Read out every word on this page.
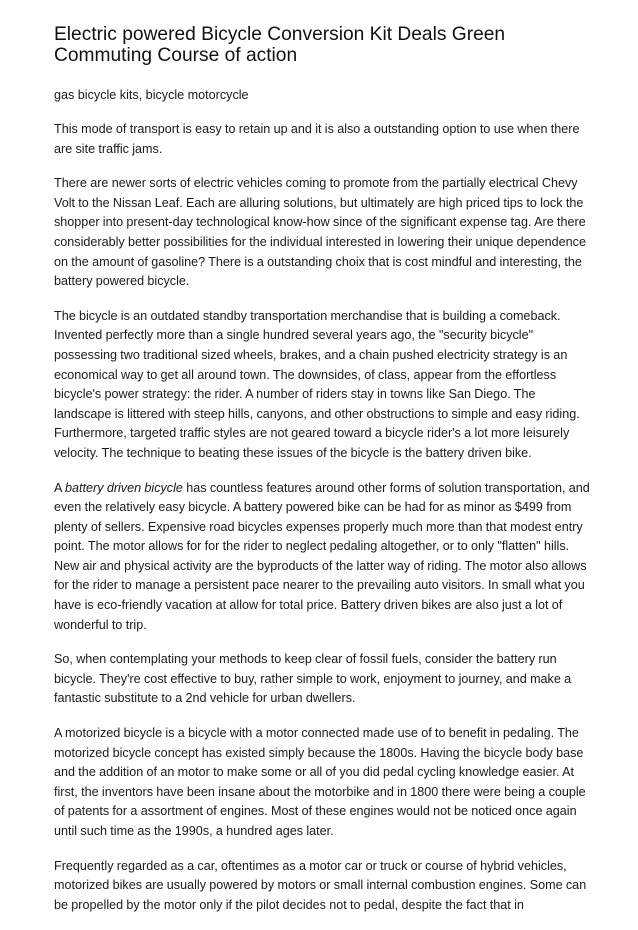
Electric powered Bicycle Conversion Kit Deals Green Commuting Course of action

gas bicycle kits, bicycle motorcycle

This mode of transport is easy to retain up and it is also a outstanding option to use when there are site traffic jams.

There are newer sorts of electric vehicles coming to promote from the partially electrical Chevy Volt to the Nissan Leaf. Each are alluring solutions, but ultimately are high priced tips to lock the shopper into present-day technological know-how since of the significant expense tag. Are there considerably better possibilities for the individual interested in lowering their unique dependence on the amount of gasoline? There is a outstanding choix that is cost mindful and interesting, the battery powered bicycle.

The bicycle is an outdated standby transportation merchandise that is building a comeback. Invented perfectly more than a single hundred several years ago, the "security bicycle" possessing two traditional sized wheels, brakes, and a chain pushed electricity strategy is an economical way to get all around town. The downsides, of class, appear from the effortless bicycle's power strategy: the rider. A number of riders stay in towns like San Diego. The landscape is littered with steep hills, canyons, and other obstructions to simple and easy riding. Furthermore, targeted traffic styles are not geared toward a bicycle rider's a lot more leisurely velocity. The technique to beating these issues of the bicycle is the battery driven bike.

A battery driven bicycle has countless features around other forms of solution transportation, and even the relatively easy bicycle. A battery powered bike can be had for as minor as $499 from plenty of sellers. Expensive road bicycles expenses properly much more than that modest entry point. The motor allows for for the rider to neglect pedaling altogether, or to only "flatten" hills. New air and physical activity are the byproducts of the latter way of riding. The motor also allows for the rider to manage a persistent pace nearer to the prevailing auto visitors. In small what you have is eco-friendly vacation at allow for total price. Battery driven bikes are also just a lot of wonderful to trip.

So, when contemplating your methods to keep clear of fossil fuels, consider the battery run bicycle. They're cost effective to buy, rather simple to work, enjoyment to journey, and make a fantastic substitute to a 2nd vehicle for urban dwellers.

A motorized bicycle is a bicycle with a motor connected made use of to benefit in pedaling. The motorized bicycle concept has existed simply because the 1800s. Having the bicycle body base and the addition of an motor to make some or all of you did pedal cycling knowledge easier. At first, the inventors have been insane about the motorbike and in 1800 there were being a couple of patents for a assortment of engines. Most of these engines would not be noticed once again until such time as the 1990s, a hundred ages later.

Frequently regarded as a car, oftentimes as a motor car or truck or course of hybrid vehicles, motorized bikes are usually powered by motors or small internal combustion engines. Some can be propelled by the motor only if the pilot decides not to pedal, despite the fact that in
